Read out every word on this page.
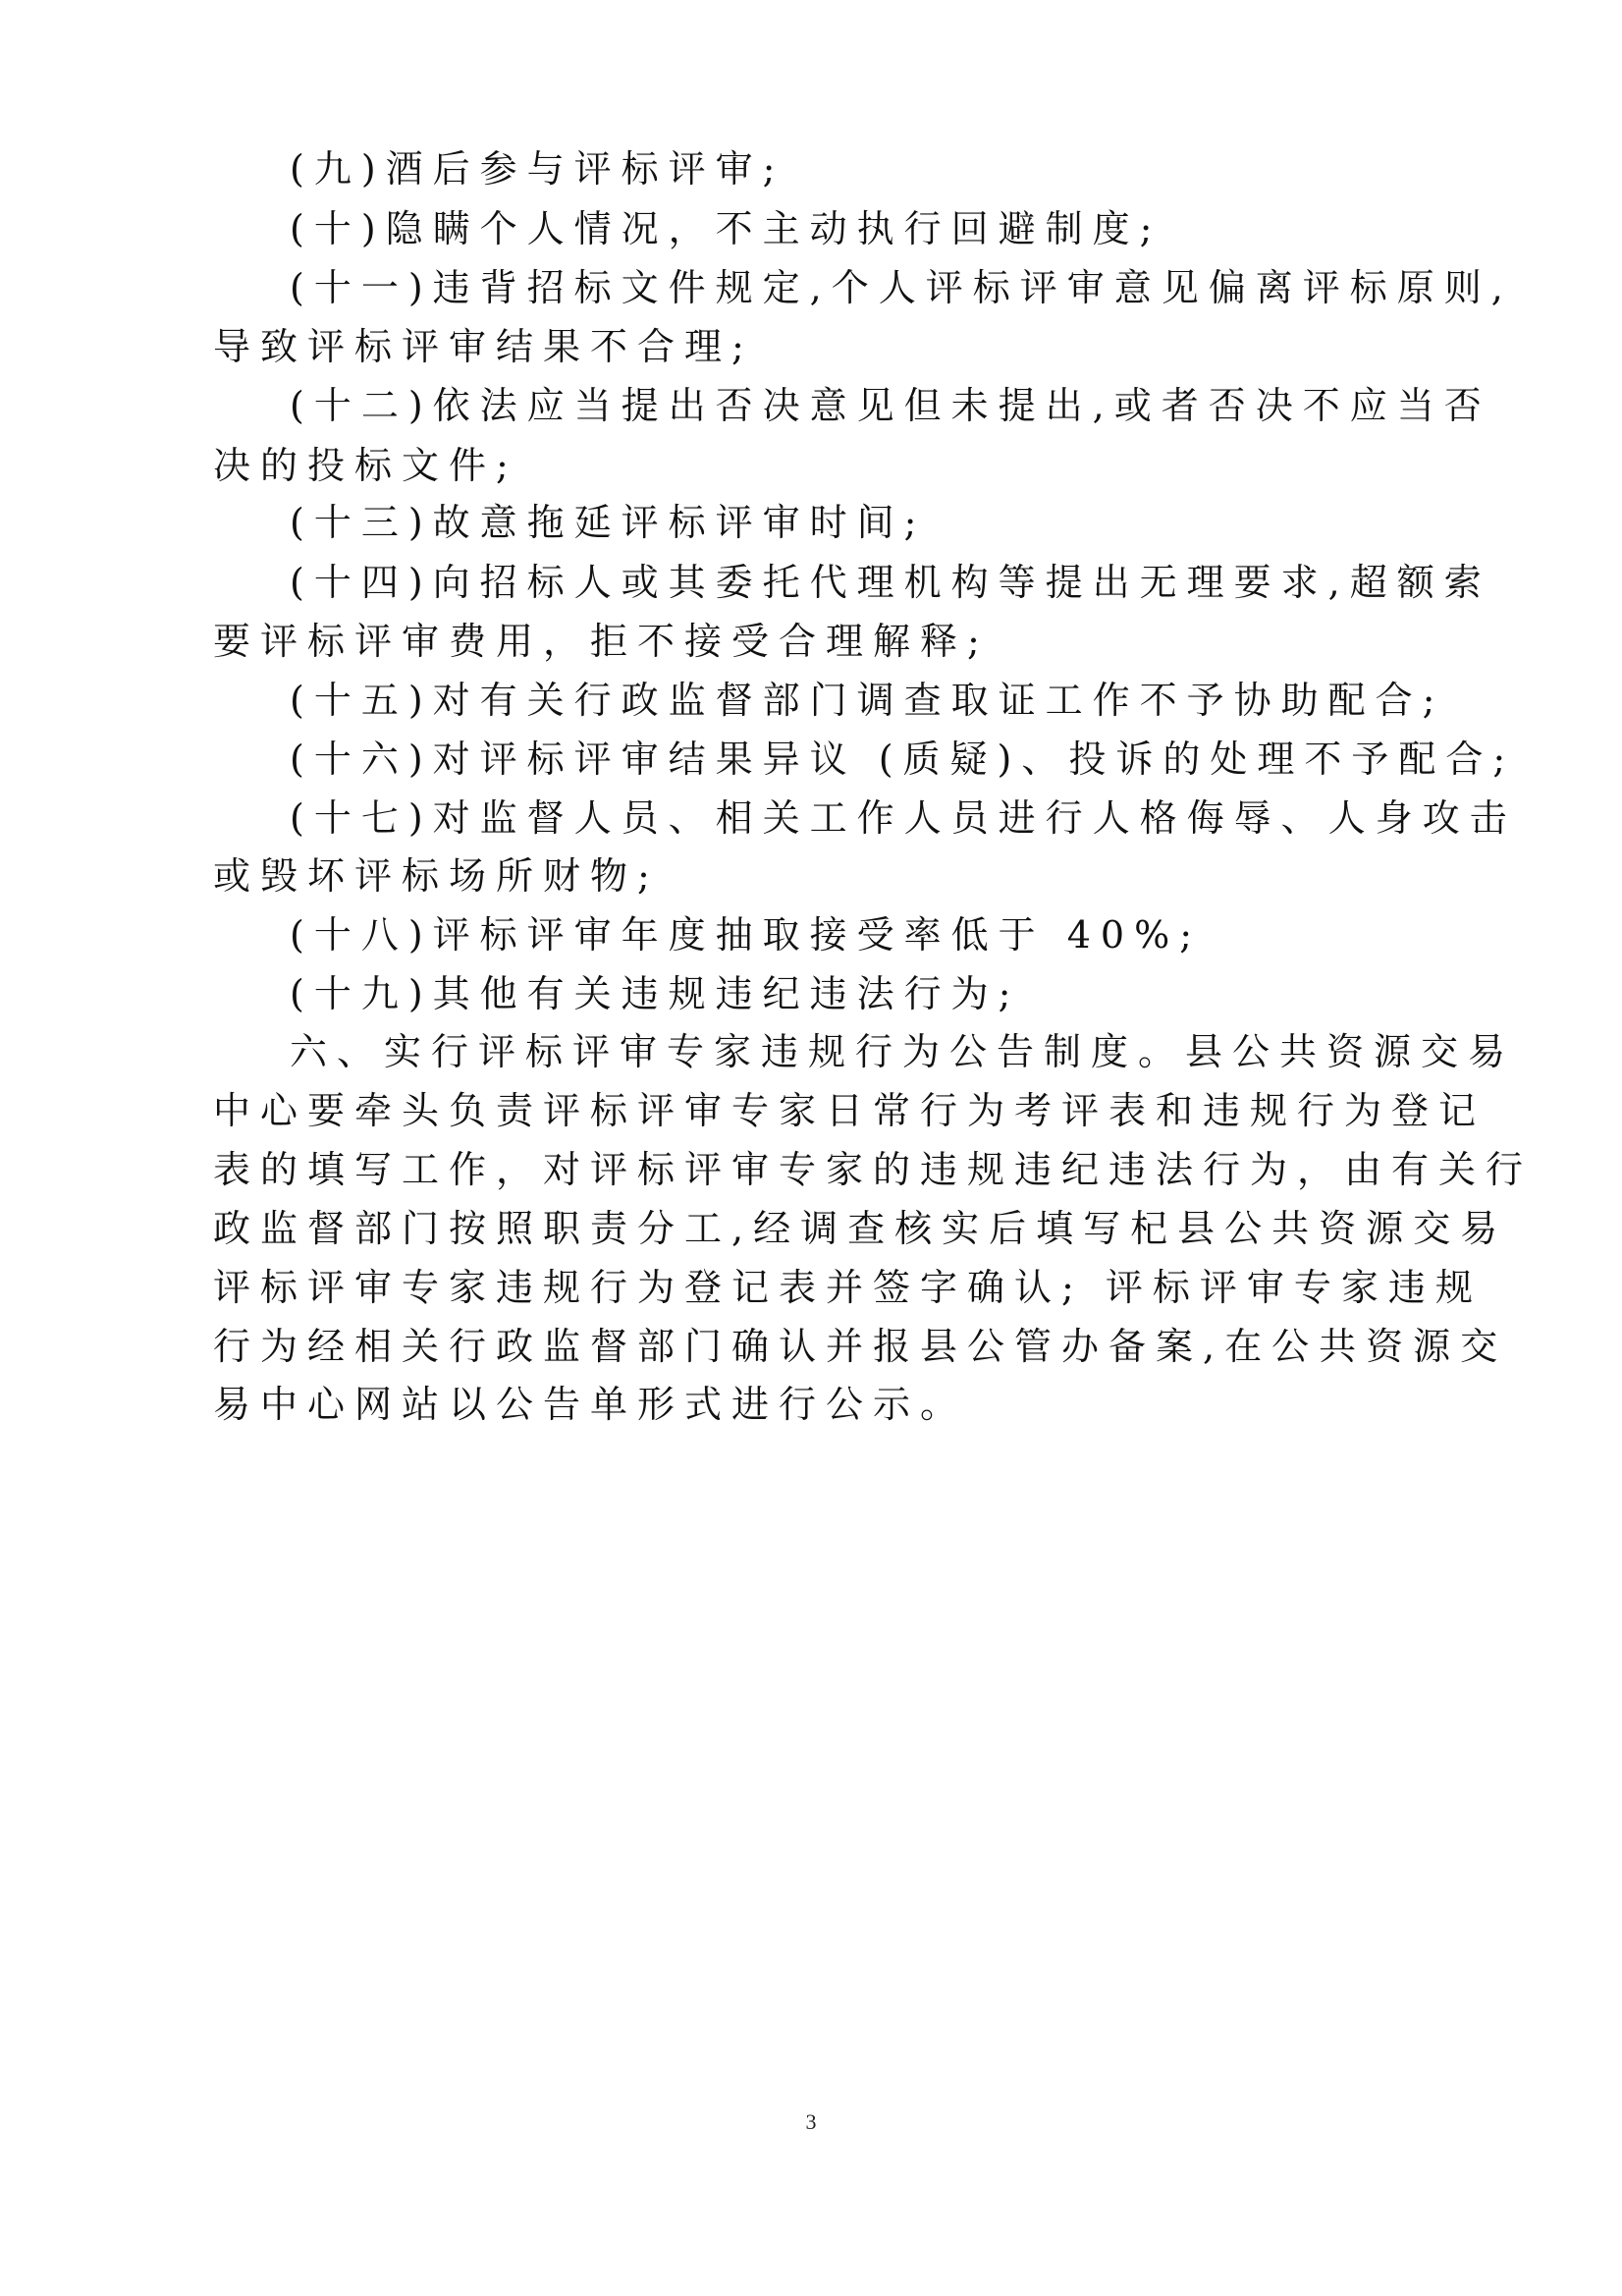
(九)酒后参与评标评审;
(十)隐瞒个人情况，不主动执行回避制度;
(十一)违背招标文件规定,个人评标评审意见偏离评标原则,
导致评标评审结果不合理;
(十二)依法应当提出否决意见但未提出,或者否决不应当否
决的投标文件;
(十三)故意拖延评标评审时间;
(十四)向招标人或其委托代理机构等提出无理要求,超额索
要评标评审费用，拒不接受合理解释;
(十五)对有关行政监督部门调查取证工作不予协助配合;
(十六)对评标评审结果异议 (质疑)、投诉的处理不予配合;
(十七)对监督人员、相关工作人员进行人格侮辱、人身攻击
或毁坏评标场所财物;
(十八)评标评审年度抽取接受率低于 40%;
(十九)其他有关违规违纪违法行为;
六、实行评标评审专家违规行为公告制度。县公共资源交易
中心要牵头负责评标评审专家日常行为考评表和违规行为登记
表的填写工作，对评标评审专家的违规违纪违法行为，由有关行
政监督部门按照职责分工,经调查核实后填写杞县公共资源交易
评标评审专家违规行为登记表并签字确认; 评标评审专家违规
行为经相关行政监督部门确认并报县公管办备案,在公共资源交
易中心网站以公告单形式进行公示。
3
